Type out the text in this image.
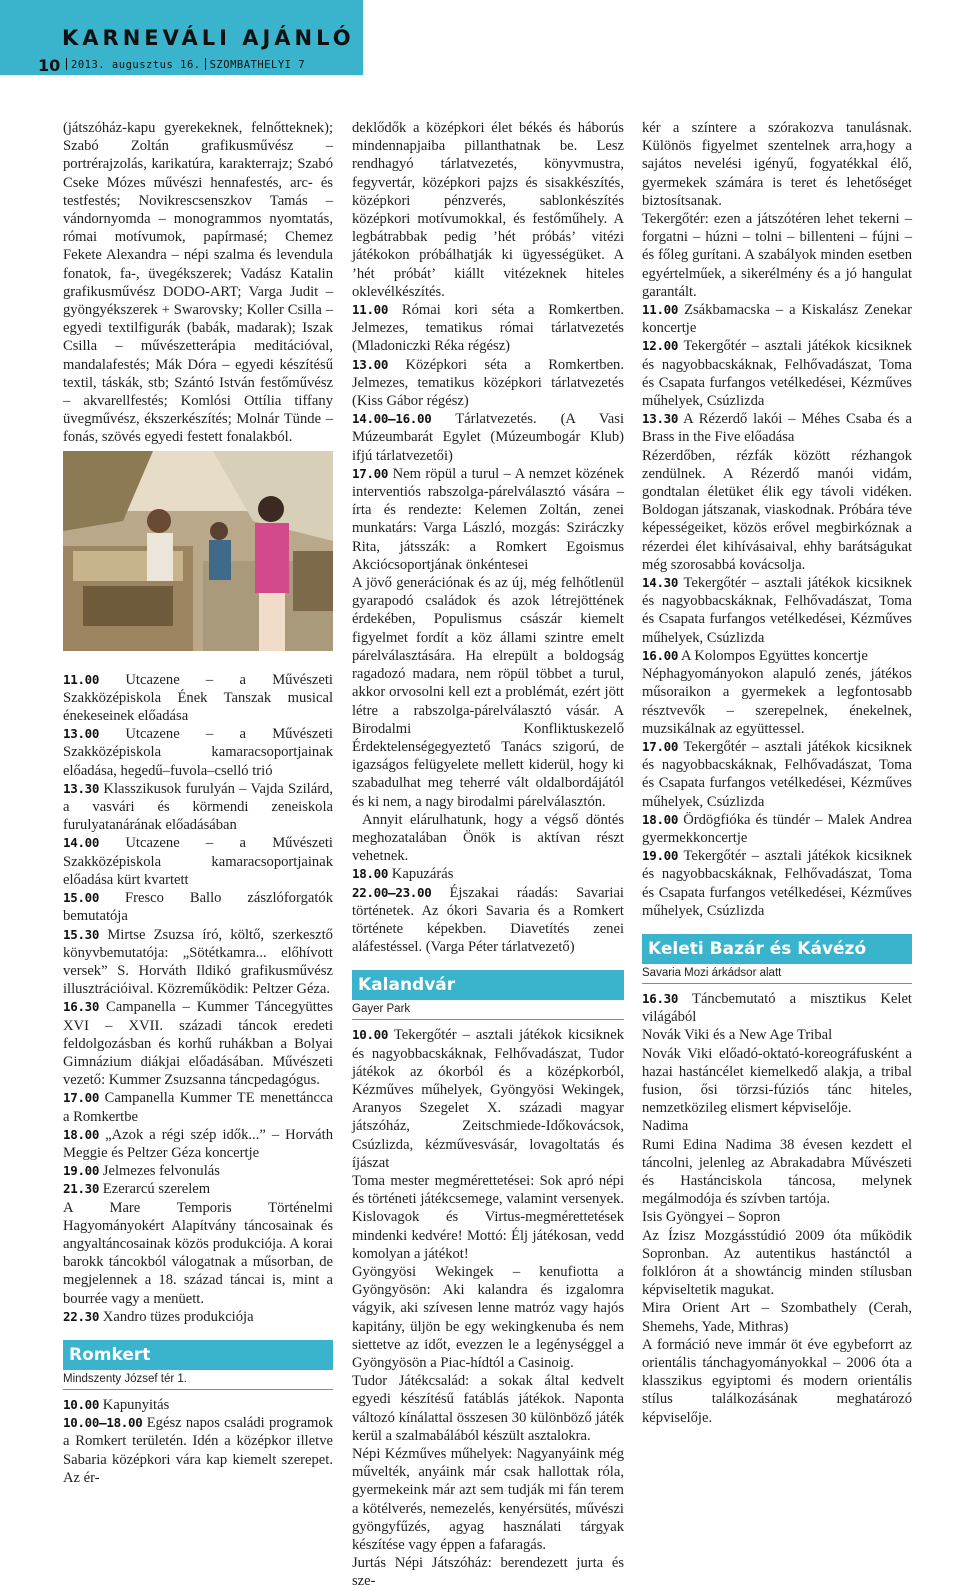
KARNEVÁLI AJÁNLÓ
10	2013. augusztus 16. SZOMBATHELYI 7

(játszóház-kapu gyerekeknek, felnőtteknek); Szabó Zoltán grafikusművész – portrérajzolás, karikatúra, karakterrajz; Szabó Cseke Mózes művészi hennafestés, arc- és testfestés; Novikrescsenszkov Tamás – vándornyomda – monogrammos nyomtatás, római motívumok, papírmasé; Chemez Fekete Alexandra – népi szalma és levendula fonatok, fa-, üvegékszerek; Vadász Katalin grafikusművész DODO-ART; Varga Judit – gyöngyékszerek + Swarovsky; Koller Csilla – egyedi textilfigurák (babák, madarak); Iszak Csilla – művészetterápia meditációval, mandalafestés; Mák Dóra – egyedi készítésű textil, táskák, stb; Szántó István festőművész – akvarellfestés; Komlósi Ottília tiffany üvegművész, ékszerkészítés; Molnár Tünde – fonás, szövés egyedi festett fonalakból.

11.00 Utcazene – a Művészeti Szakközépiskola Ének Tanszak musical énekeseinek előadása

13.00 Utcazene – a Művészeti Szakközépiskola kamaracsoportjainak előadása, hegedű–fuvola–cselló trió

13.30 Klasszikusok furulyán – Vajda Szilárd, a vasvári és körmendi zeneiskola furulyatanárának előadásában

14.00 Utcazene – a Művészeti Szakközépiskola kamaracsoportjainak előadása kürt kvartett

15.00 Fresco Ballo zászlóforgatók bemutatója

15.30 Mirtse Zsuzsa író, költő, szerkesztő könyvbemutatója: „Sötétkamra... előhívott versek” S. Horváth Ildikó grafikusművész illusztrációival. Közreműködik: Peltzer Géza.

16.30 Campanella – Kummer Táncegyüttes XVI – XVII. századi táncok eredeti feldolgozásban és korhű ruhákban a Bolyai Gimnázium diákjai előadásában. Művészeti vezető: Kummer Zsuzsanna táncpedagógus.

17.00 Campanella Kummer TE menettáncca a Romkertbe

18.00 „Azok a régi szép idők...” – Horváth Meggie és Peltzer Géza koncertje

19.00 Jelmezes felvonulás

21.30 Ezerarcú szerelem

A Mare Temporis Történelmi Hagyományokért Alapítvány táncosainak és angyaltáncosainak közös produkciója. A korai barokk táncokból válogatnak a műsorban, de megjelennek a 18. század táncai is, mint a bourrée vagy a menüett.

22.30 Xandro tüzes produkciója

Romkert
Mindszenty József tér 1.

10.00 Kapunyitás

10.00–18.00 Egész napos családi programok a Romkert területén. Idén a középkor illetve Sabaria középkori vára kap kiemelt szerepet. Az ér-

deklődők a középkori élet békés és háborús mindennapjaiba pillanthatnak be. Lesz rendhagyó tárlatvezetés, könyvmustra, fegyvertár, középkori pajzs és sisakkészítés, középkori pénzverés, sablonkészítés középkori motívumokkal, és festőműhely. A legbátrabbak pedig ’hét próbás’ vitézi játékokon próbálhatják ki ügyességüket. A ’hét próbát’ kiállt vitézeknek hiteles oklevélkészítés.

11.00 Római kori séta a Romkertben. Jelmezes, tematikus római tárlatvezetés (Mladoniczki Réka régész)

13.00 Középkori séta a Romkertben. Jelmezes, tematikus középkori tárlatvezetés (Kiss Gábor régész)

14.00–16.00 Tárlatvezetés. (A Vasi Múzeumbarát Egylet (Múzeumbogár Klub) ifjú tárlatvezetői)

17.00 Nem röpül a turul – A nemzet közének interventiós rabszolga-párelválasztó vására – írta és rendezte: Kelemen Zoltán, zenei munkatárs: Varga László, mozgás: Sziráczky Rita, játsszák: a Romkert Egoismus Akciócsoportjának önkéntesei

A jövő generációnak és az új, még felhőtlenül gyarapodó családok és azok létrejöttének érdekében, Populismus császár kiemelt figyelmet fordít a köz állami szintre emelt párelválasztására. Ha elrepült a boldogság ragadozó madara, nem röpül többet a turul, akkor orvosolni kell ezt a problémát, ezért jött létre a rabszolga-párelválasztó vásár. A Birodalmi Konfliktuskezelő Érdektelenségegyeztető Tanács szigorú, de igazságos felügyelete mellett kiderül, hogy ki szabadulhat meg teherré vált oldalbordájától és ki nem, a nagy birodalmi párelválasztón.

Annyit elárulhatunk, hogy a végső döntés meghozatalában Önök is aktívan részt vehetnek.

18.00 Kapuzárás

22.00–23.00 Éjszakai ráadás: Savariai történetek. Az ókori Savaria és a Romkert története képekben. Diavetítés zenei aláfestéssel. (Varga Péter tárlatvezető)

Kalandvár
Gayer Park

10.00 Tekergőtér – asztali játékok kicsiknek és nagyobbacskáknak, Felhővadászat, Tudor játékok az ókorból és a középkorból, Kézműves műhelyek, Gyöngyösi Wekingek, Aranyos Szegelet X. századi magyar játszóház, Zeitschmiede-Időkovácsok, Csúzlizda, kézművesvásár, lovagoltatás és íjászat

Toma mester megmérettetései: Sok apró népi és történeti játékcsemege, valamint versenyek. Kislovagok és Virtus-megmérettetések mindenki kedvére! Mottó: Élj játékosan, vedd komolyan a játékot!

Gyöngyösi Wekingek – kenufiotta a Gyöngyösön: Aki kalandra és izgalomra vágyik, aki szívesen lenne matróz vagy hajós kapitány, üljön be egy wekingkenuba és nem siettetve az időt, evezzen le a legénységgel a Gyöngyösön a Piac-hídtól a Casinoig.

Tudor Játékcsalád: a sokak által kedvelt egyedi készítésű fatáblás játékok. Naponta változó kínálattal összesen 30 különböző játék kerül a szalmabálából készült asztalokra.

Népi Kézműves műhelyek: Nagyanyáink még művelték, anyáink már csak hallottak róla, gyermekeink már azt sem tudják mi fán terem a kötélverés, nemezelés, kenyérsütés, művészi gyöngyfűzés, agyag használati tárgyak készítése vagy éppen a fafaragás.

Jurtás Népi Játszóház: berendezett jurta és sze-

kér a színtere a szórakozva tanulásnak. Különös figyelmet szentelnek arra,hogy a sajátos nevelési igényű, fogyatékkal élő, gyermekek számára is teret és lehetőséget biztosítsanak.

Tekergőtér: ezen a játszótéren lehet tekerni – forgatni – húzni – tolni – billenteni – fújni – és főleg gurítani. A szabályok minden esetben egyértelműek, a sikerélmény és a jó hangulat garantált.

11.00 Zsákbamacska – a Kiskalász Zenekar koncertje

12.00 Tekergőtér – asztali játékok kicsiknek és nagyobbacskáknak, Felhővadászat, Toma és Csapata furfangos vetélkedései, Kézműves műhelyek, Csúzlizda

13.30 A Rézerdő lakói – Méhes Csaba és a Brass in the Five előadása

Rézerdőben, rézfák között rézhangok zendülnek. A Rézerdő manói vidám, gondtalan életüket élik egy távoli vidéken. Boldogan játszanak, viaskodnak. Próbára téve képességeiket, közös erővel megbirkóznak a rézerdei élet kihívásaival, ehhy barátságukat még szorosabbá kovácsolja.

14.30 Tekergőtér – asztali játékok kicsiknek és nagyobbacskáknak, Felhővadászat, Toma és Csapata furfangos vetélkedései, Kézműves műhelyek, Csúzlizda

16.00 A Kolompos Együttes koncertje

Néphagyományokon alapuló zenés, játékos műsoraikon a gyermekek a legfontosabb résztvevők – szerepelnek, énekelnek, muzsikálnak az együttessel.

17.00 Tekergőtér – asztali játékok kicsiknek és nagyobbacskáknak, Felhővadászat, Toma és Csapata furfangos vetélkedései, Kézműves műhelyek, Csúzlizda

18.00 Ördögfióka és tündér – Malek Andrea gyermekkoncertje

19.00 Tekergőtér – asztali játékok kicsiknek és nagyobbacskáknak, Felhővadászat, Toma és Csapata furfangos vetélkedései, Kézműves műhelyek, Csúzlizda

Keleti Bazár és Kávézó
Savaria Mozi árkádsor alatt

16.30 Táncbemutató a misztikus Kelet világából

Novák Viki és a New Age Tribal

Novák Viki előadó-oktató-koreográfusként a hazai hastáncélet kiemelkedő alakja, a tribal fusion, ősi törzsi-fúziós tánc hiteles, nemzetközileg elismert képviselője.

Nadima

Rumi Edina Nadima 38 évesen kezdett el táncolni, jelenleg az Abrakadabra Művészeti és Hastánciskola táncosa, melynek megálmodója és szívben tartója.

Isis Gyöngyei – Sopron

Az Ízisz Mozgásstúdió 2009 óta működik Sopronban. Az autentikus hastánctól a folklóron át a showtáncig minden stílusban képviseltetik magukat.

Mira Orient Art – Szombathely (Cerah, Shemehs, Yade, Mithras)

A formáció neve immár öt éve egybeforrt az orientális tánchagyományokkal – 2006 óta a klasszikus egyiptomi és modern orientális stílus találkozásának meghatározó képviselője.
